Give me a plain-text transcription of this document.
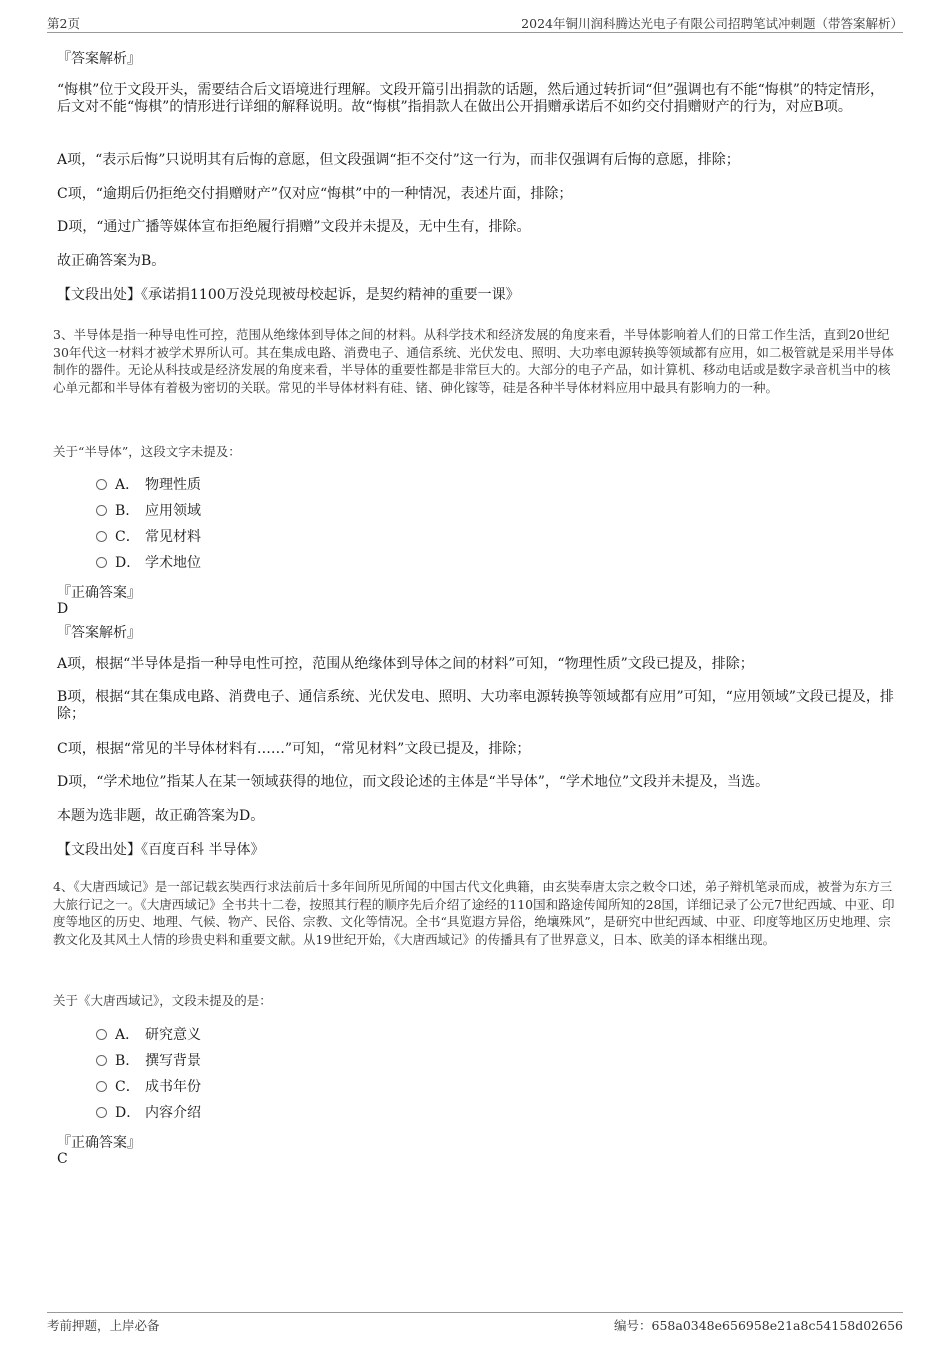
第2页	2024年铜川润科腾达光电子有限公司招聘笔试冲刺题（带答案解析）
『答案解析』
“悔棋”位于文段开头，需要结合后文语境进行理解。文段开篇引出捐款的话题，然后通过转折词“但”强调也有不能“悔棋”的特定情形，后文对不能“悔棋”的情形进行详细的解释说明。故“悔棋”指捐款人在做出公开捐赠承诺后不如约交付捐赠财产的行为，对应B项。
A项，“表示后悔”只说明其有后悔的意愿，但文段强调“拒不交付”这一行为，而非仅强调有后悔的意愿，排除；
C项，“逾期后仍拒绝交付捐赠财产”仅对应“悔棋”中的一种情况，表述片面，排除；
D项，“通过广播等媒体宣布拒绝履行捐赠”文段并未提及，无中生有，排除。
故正确答案为B。
【文段出处】《承诺捐1100万没兑现被母校起诉，是契约精神的重要一课》
3、半导体是指一种导电性可控，范围从绝缘体到导体之间的材料。从科学技术和经济发展的角度来看，半导体影响着人们的日常工作生活，直到20世纪30年代这一材料才被学术界所认可。其在集成电路、消费电子、通信系统、光伏发电、照明、大功率电源转换等领域都有应用，如二极管就是采用半导体制作的器件。无论从科技或是经济发展的角度来看，半导体的重要性都是非常巨大的。大部分的电子产品，如计算机、移动电话或是数字录音机当中的核心单元都和半导体有着极为密切的关联。常见的半导体材料有硅、锗、砷化镓等，硅是各种半导体材料应用中最具有影响力的一种。
关于“半导体”，这段文字未提及：
A． 物理性质
B. 应用领域
C． 常见材料
D． 学术地位
『正确答案』
D
『答案解析』
A项，根据“半导体是指一种导电性可控，范围从绝缘体到导体之间的材料”可知，“物理性质”文段已提及，排除；
B项，根据“其在集成电路、消费电子、通信系统、光伏发电、照明、大功率电源转换等领域都有应用”可知，“应用领域”文段已提及，排除；
C项，根据“常见的半导体材料有……”可知，“常见材料”文段已提及，排除；
D项，“学术地位”指某人在某一领域获得的地位，而文段论述的主体是“半导体”，“学术地位”文段并未提及，当选。
本题为选非题，故正确答案为D。
【文段出处】《百度百科 半导体》
4、《大唐西域记》是一部记载玄奘西行求法前后十多年间所见所闻的中国古代文化典籍，由玄奘奉唐太宗之敕令口述，弟子辩机笔录而成，被誉为东方三大旅行记之一。《大唐西域记》全书共十二卷，按照其行程的顺序先后介绍了途经的110国和路途传闻所知的28国，详细记录了公元7世纪西域、中亚、印度等地区的历史、地理、气候、物产、民俗、宗教、文化等情况。全书“具览遐方异俗，绝壤殊风”，是研究中世纪西域、中亚、印度等地区历史地理、宗教文化及其风土人情的珍贵史料和重要文献。从19世纪开始，《大唐西域记》的传播具有了世界意义，日本、欧美的译本相继出现。
关于《大唐西域记》，文段未提及的是：
A． 研究意义
B. 撰写背景
C． 成书年份
D． 内容介绍
『正确答案』
C
考前押题，上岸必备	编号：658a0348e656958e21a8c54158d02656
